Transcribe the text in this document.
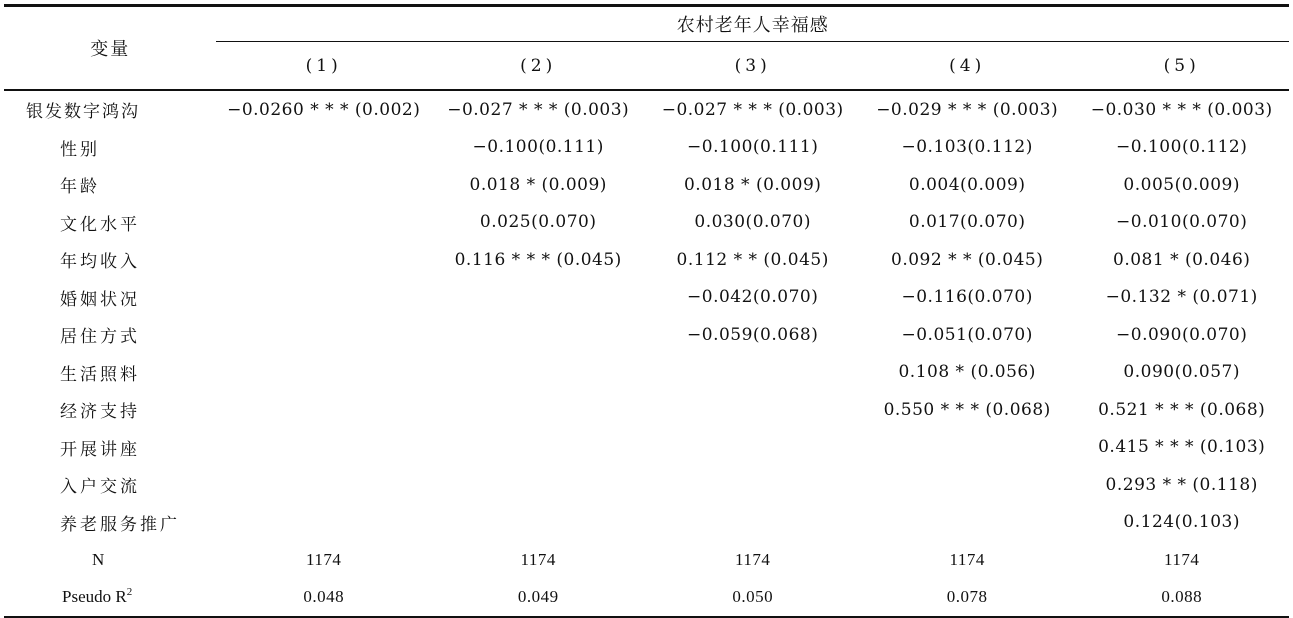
变量	农村老年人幸福感				
	(1)	(2)	(3)	(4)	(5)
银发数字鸿沟	−0.0260 * * * (0.002)	−0.027 * * * (0.003)	−0.027 * * * (0.003)	−0.029 * * * (0.003)	−0.030 * * * (0.003)
性别		−0.100(0.111)	−0.100(0.111)	−0.103(0.112)	−0.100(0.112)
年龄		0.018 * (0.009)	0.018 * (0.009)	0.004(0.009)	0.005(0.009)
文化水平		0.025(0.070)	0.030(0.070)	0.017(0.070)	−0.010(0.070)
年均收入		0.116 * * * (0.045)	0.112 * * (0.045)	0.092 * * (0.045)	0.081 * (0.046)
婚姻状况			−0.042(0.070)	−0.116(0.070)	−0.132 * (0.071)
居住方式			−0.059(0.068)	−0.051(0.070)	−0.090(0.070)
生活照料				0.108 * (0.056)	0.090(0.057)
经济支持				0.550 * * * (0.068)	0.521 * * * (0.068)
开展讲座					0.415 * * * (0.103)
入户交流					0.293 * * (0.118)
养老服务推广					0.124(0.103)
N	1174	1174	1174	1174	1174
Pseudo $R^2$	0.048	0.049	0.050	0.078	0.088
